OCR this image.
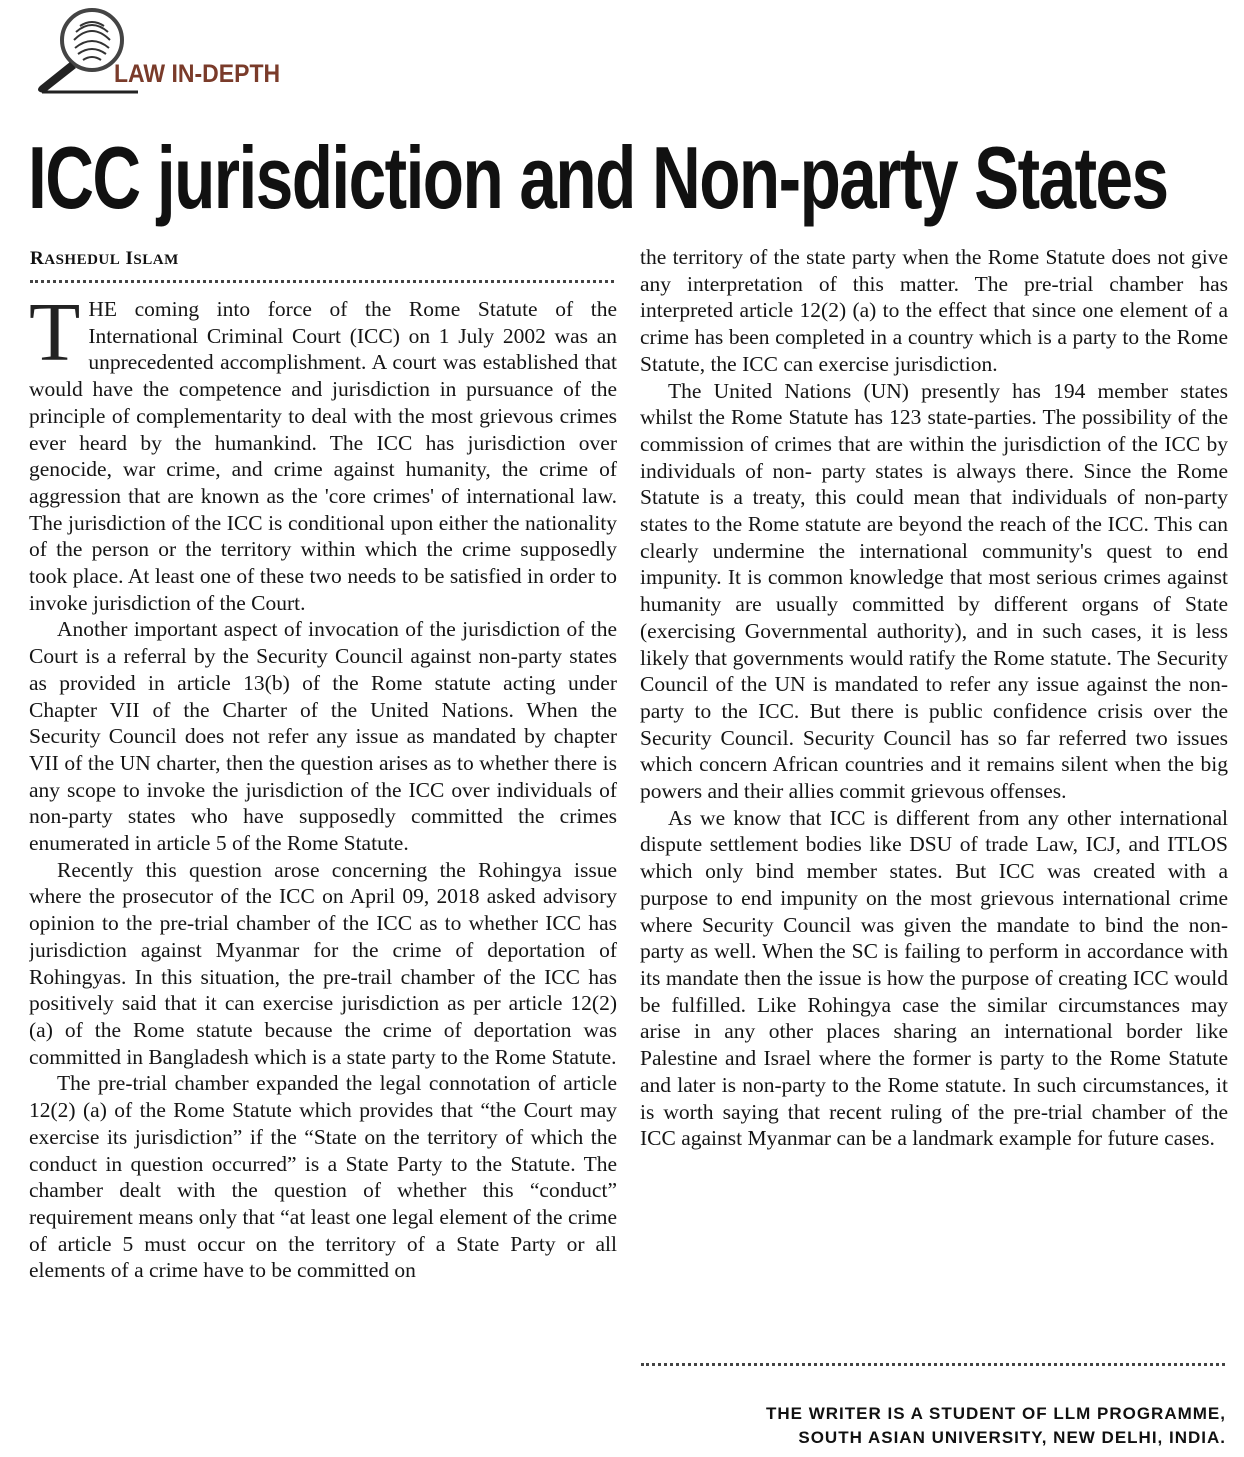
LAW IN-DEPTH
ICC jurisdiction and Non-party States
RASHEDUL ISLAM

THE coming into force of the Rome Statute of the International Criminal Court (ICC) on 1 July 2002 was an unprecedented accomplishment. A court was established that would have the competence and jurisdiction in pursuance of the principle of complementarity to deal with the most grievous crimes ever heard by the humankind. The ICC has jurisdiction over genocide, war crime, and crime against humanity, the crime of aggression that are known as the 'core crimes' of international law. The jurisdiction of the ICC is conditional upon either the nationality of the person or the territory within which the crime supposedly took place. At least one of these two needs to be satisfied in order to invoke jurisdiction of the Court.

Another important aspect of invocation of the jurisdiction of the Court is a referral by the Security Council against non-party states as provided in article 13(b) of the Rome statute acting under Chapter VII of the Charter of the United Nations. When the Security Council does not refer any issue as mandated by chapter VII of the UN charter, then the question arises as to whether there is any scope to invoke the jurisdiction of the ICC over individuals of non-party states who have supposedly committed the crimes enumerated in article 5 of the Rome Statute.

Recently this question arose concerning the Rohingya issue where the prosecutor of the ICC on April 09, 2018 asked advisory opinion to the pre-trial chamber of the ICC as to whether ICC has jurisdiction against Myanmar for the crime of deportation of Rohingyas. In this situation, the pre-trail chamber of the ICC has positively said that it can exercise jurisdiction as per article 12(2) (a) of the Rome statute because the crime of deportation was committed in Bangladesh which is a state party to the Rome Statute.

The pre-trial chamber expanded the legal connotation of article 12(2) (a) of the Rome Statute which provides that “the Court may exercise its jurisdiction” if the “State on the territory of which the conduct in question occurred” is a State Party to the Statute. The chamber dealt with the question of whether this “conduct” requirement means only that “at least one legal element of the crime of article 5 must occur on the territory of a State Party or all elements of a crime have to be committed on

the territory of the state party when the Rome Statute does not give any interpretation of this matter. The pre-trial chamber has interpreted article 12(2) (a) to the effect that since one element of a crime has been completed in a country which is a party to the Rome Statute, the ICC can exercise jurisdiction.

The United Nations (UN) presently has 194 member states whilst the Rome Statute has 123 state-parties. The possibility of the commission of crimes that are within the jurisdiction of the ICC by individuals of non- party states is always there. Since the Rome Statute is a treaty, this could mean that individuals of non-party states to the Rome statute are beyond the reach of the ICC. This can clearly undermine the international community's quest to end impunity. It is common knowledge that most serious crimes against humanity are usually committed by different organs of State (exercising Governmental authority), and in such cases, it is less likely that governments would ratify the Rome statute. The Security Council of the UN is mandated to refer any issue against the non-party to the ICC. But there is public confidence crisis over the Security Council. Security Council has so far referred two issues which concern African countries and it remains silent when the big powers and their allies commit grievous offenses.

As we know that ICC is different from any other international dispute settlement bodies like DSU of trade Law, ICJ, and ITLOS which only bind member states. But ICC was created with a purpose to end impunity on the most grievous international crime where Security Council was given the mandate to bind the non-party as well. When the SC is failing to perform in accordance with its mandate then the issue is how the purpose of creating ICC would be fulfilled. Like Rohingya case the similar circumstances may arise in any other places sharing an international border like Palestine and Israel where the former is party to the Rome Statute and later is non-party to the Rome statute. In such circumstances, it is worth saying that recent ruling of the pre-trial chamber of the ICC against Myanmar can be a landmark example for future cases.

THE WRITER IS A STUDENT OF LLM PROGRAMME,
SOUTH ASIAN UNIVERSITY, NEW DELHI, INDIA.
